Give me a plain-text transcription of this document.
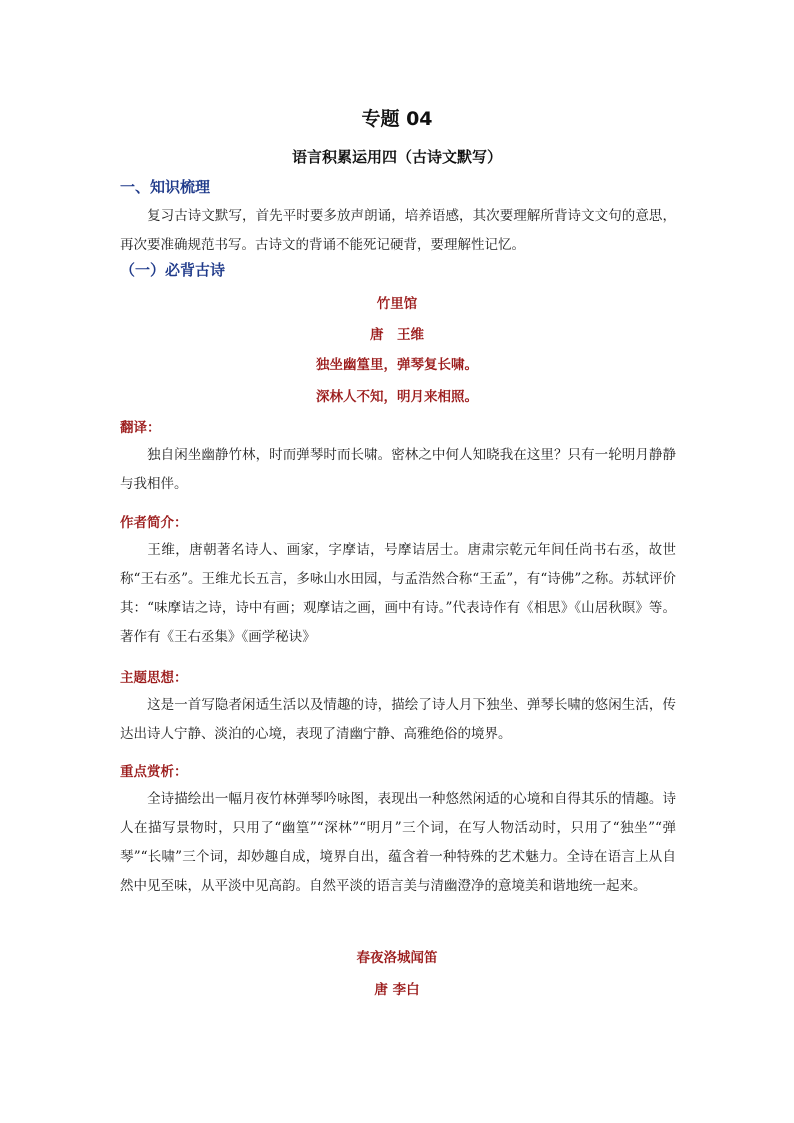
专题 04
语言积累运用四（古诗文默写）
一、知识梳理
复习古诗文默写，首先平时要多放声朗诵，培养语感，其次要理解所背诗文文句的意思，再次要准确规范书写。古诗文的背诵不能死记硬背，要理解性记忆。
（一）必背古诗
竹里馆
唐　王维
独坐幽篁里，弹琴复长啸。
深林人不知，明月来相照。
翻译：
独自闲坐幽静竹林，时而弹琴时而长啸。密林之中何人知晓我在这里？只有一轮明月静静与我相伴。
作者简介：
王维，唐朝著名诗人、画家，字摩诘，号摩诘居士。唐肃宗乾元年间任尚书右丞，故世称“王右丞”。王维尤长五言，多咏山水田园，与孟浩然合称“王孟”，有“诗佛”之称。苏轼评价其：“味摩诘之诗，诗中有画；观摩诘之画，画中有诗。”代表诗作有《相思》《山居秋暝》等。著作有《王右丞集》《画学秘诀》
主题思想：
这是一首写隐者闲适生活以及情趣的诗，描绘了诗人月下独坐、弹琴长啸的悠闲生活，传达出诗人宁静、淡泊的心境，表现了清幽宁静、高雅绝俗的境界。
重点赏析：
全诗描绘出一幅月夜竹林弹琴吟咏图，表现出一种悠然闲适的心境和自得其乐的情趣。诗人在描写景物时，只用了“幽篁”“深林”“明月”三个词，在写人物活动时，只用了“独坐”“弹琴”“长啸”三个词，却妙趣自成，境界自出，蕴含着一种特殊的艺术魅力。全诗在语言上从自然中见至味，从平淡中见高韵。自然平淡的语言美与清幽澄净的意境美和谐地统一起来。
春夜洛城闻笛
唐 李白
